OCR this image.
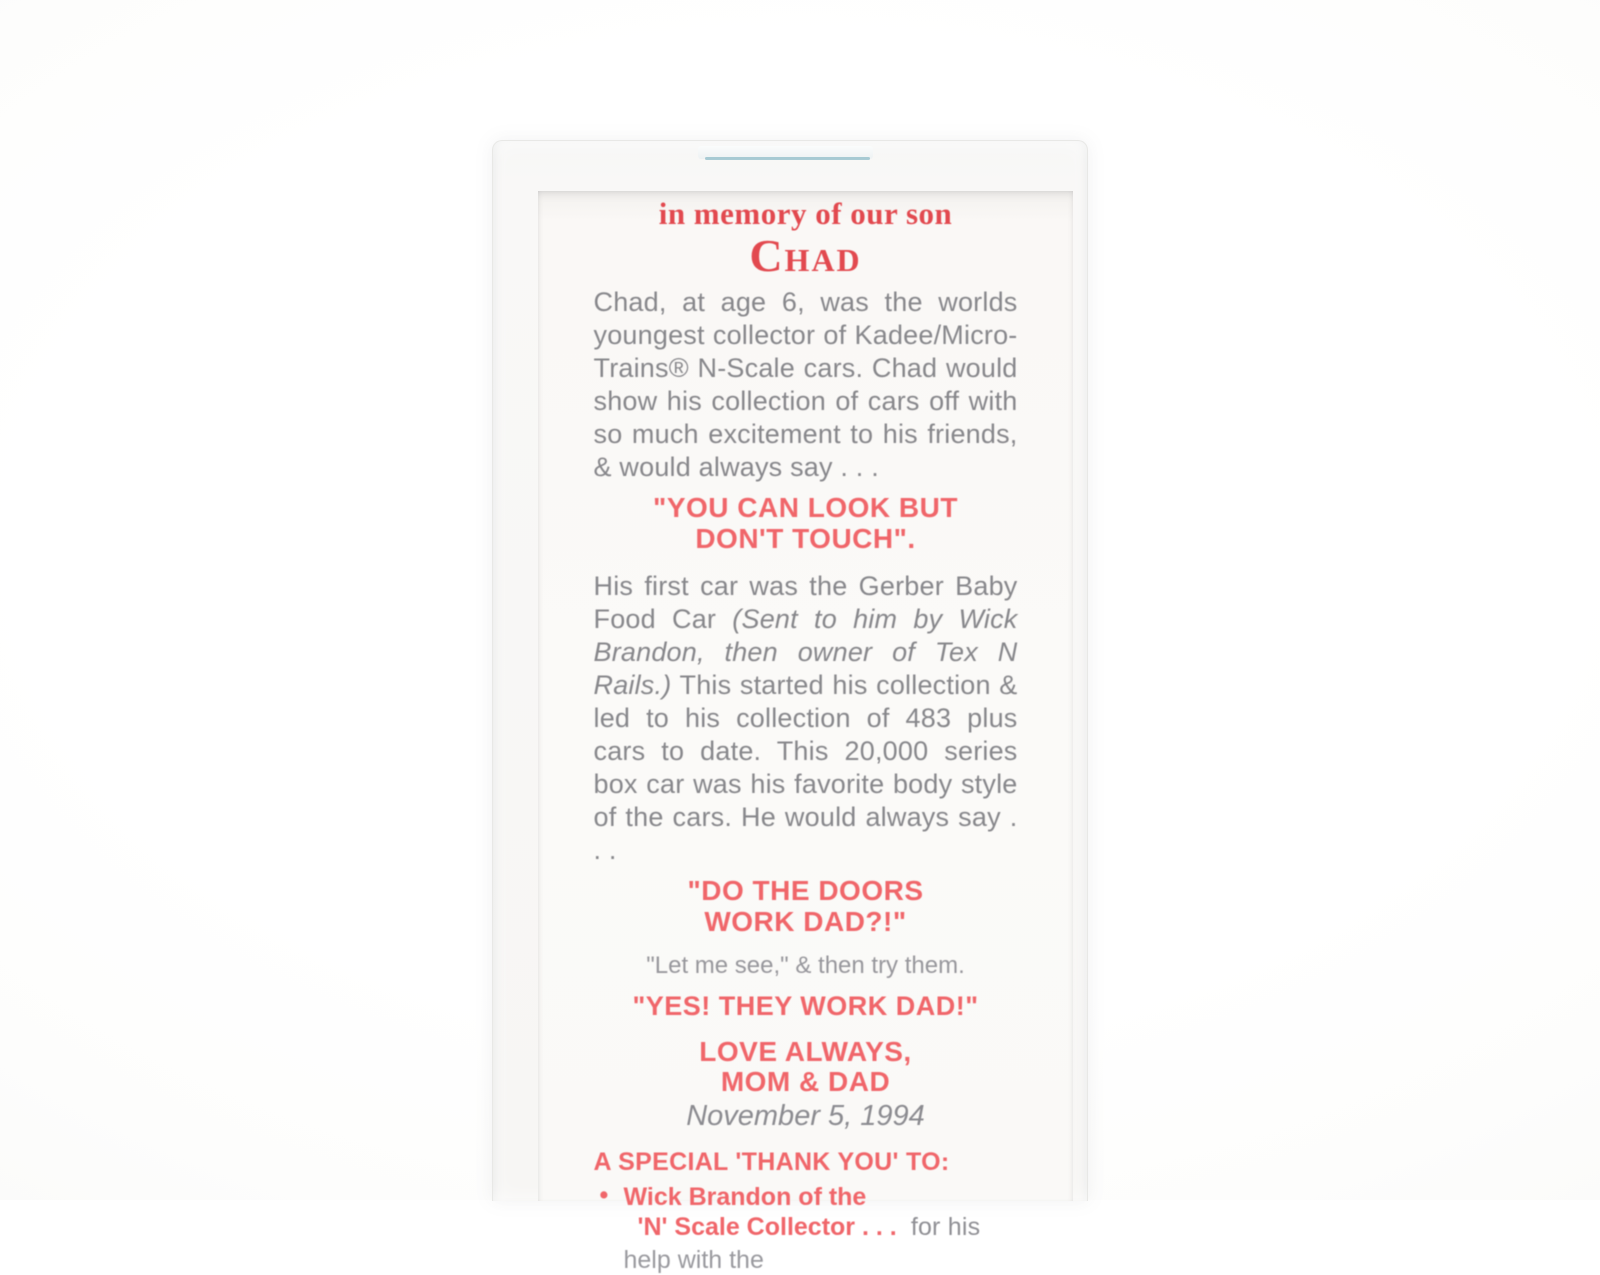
in memory of our son
Chad

Chad, at age 6, was the worlds youngest collector of Kadee/Micro-Trains® N-Scale cars. Chad would show his collection of cars off with so much excitement to his friends, & would always say . . .

"YOU CAN LOOK BUT
DON'T TOUCH".

His first car was the Gerber Baby Food Car (Sent to him by Wick Brandon, then owner of Tex N Rails.) This started his collection & led to his collection of 483 plus cars to date. This 20,000 series box car was his favorite body style of the cars. He would always say . . .

"DO THE DOORS
WORK DAD?!"
"Let me see," & then try them.
"YES! THEY WORK DAD!"
LOVE ALWAYS,
MOM & DAD
November 5, 1994
A SPECIAL 'THANK YOU' TO:
• Wick Brandon of the
'N' Scale Collector . . . for his
help with the
